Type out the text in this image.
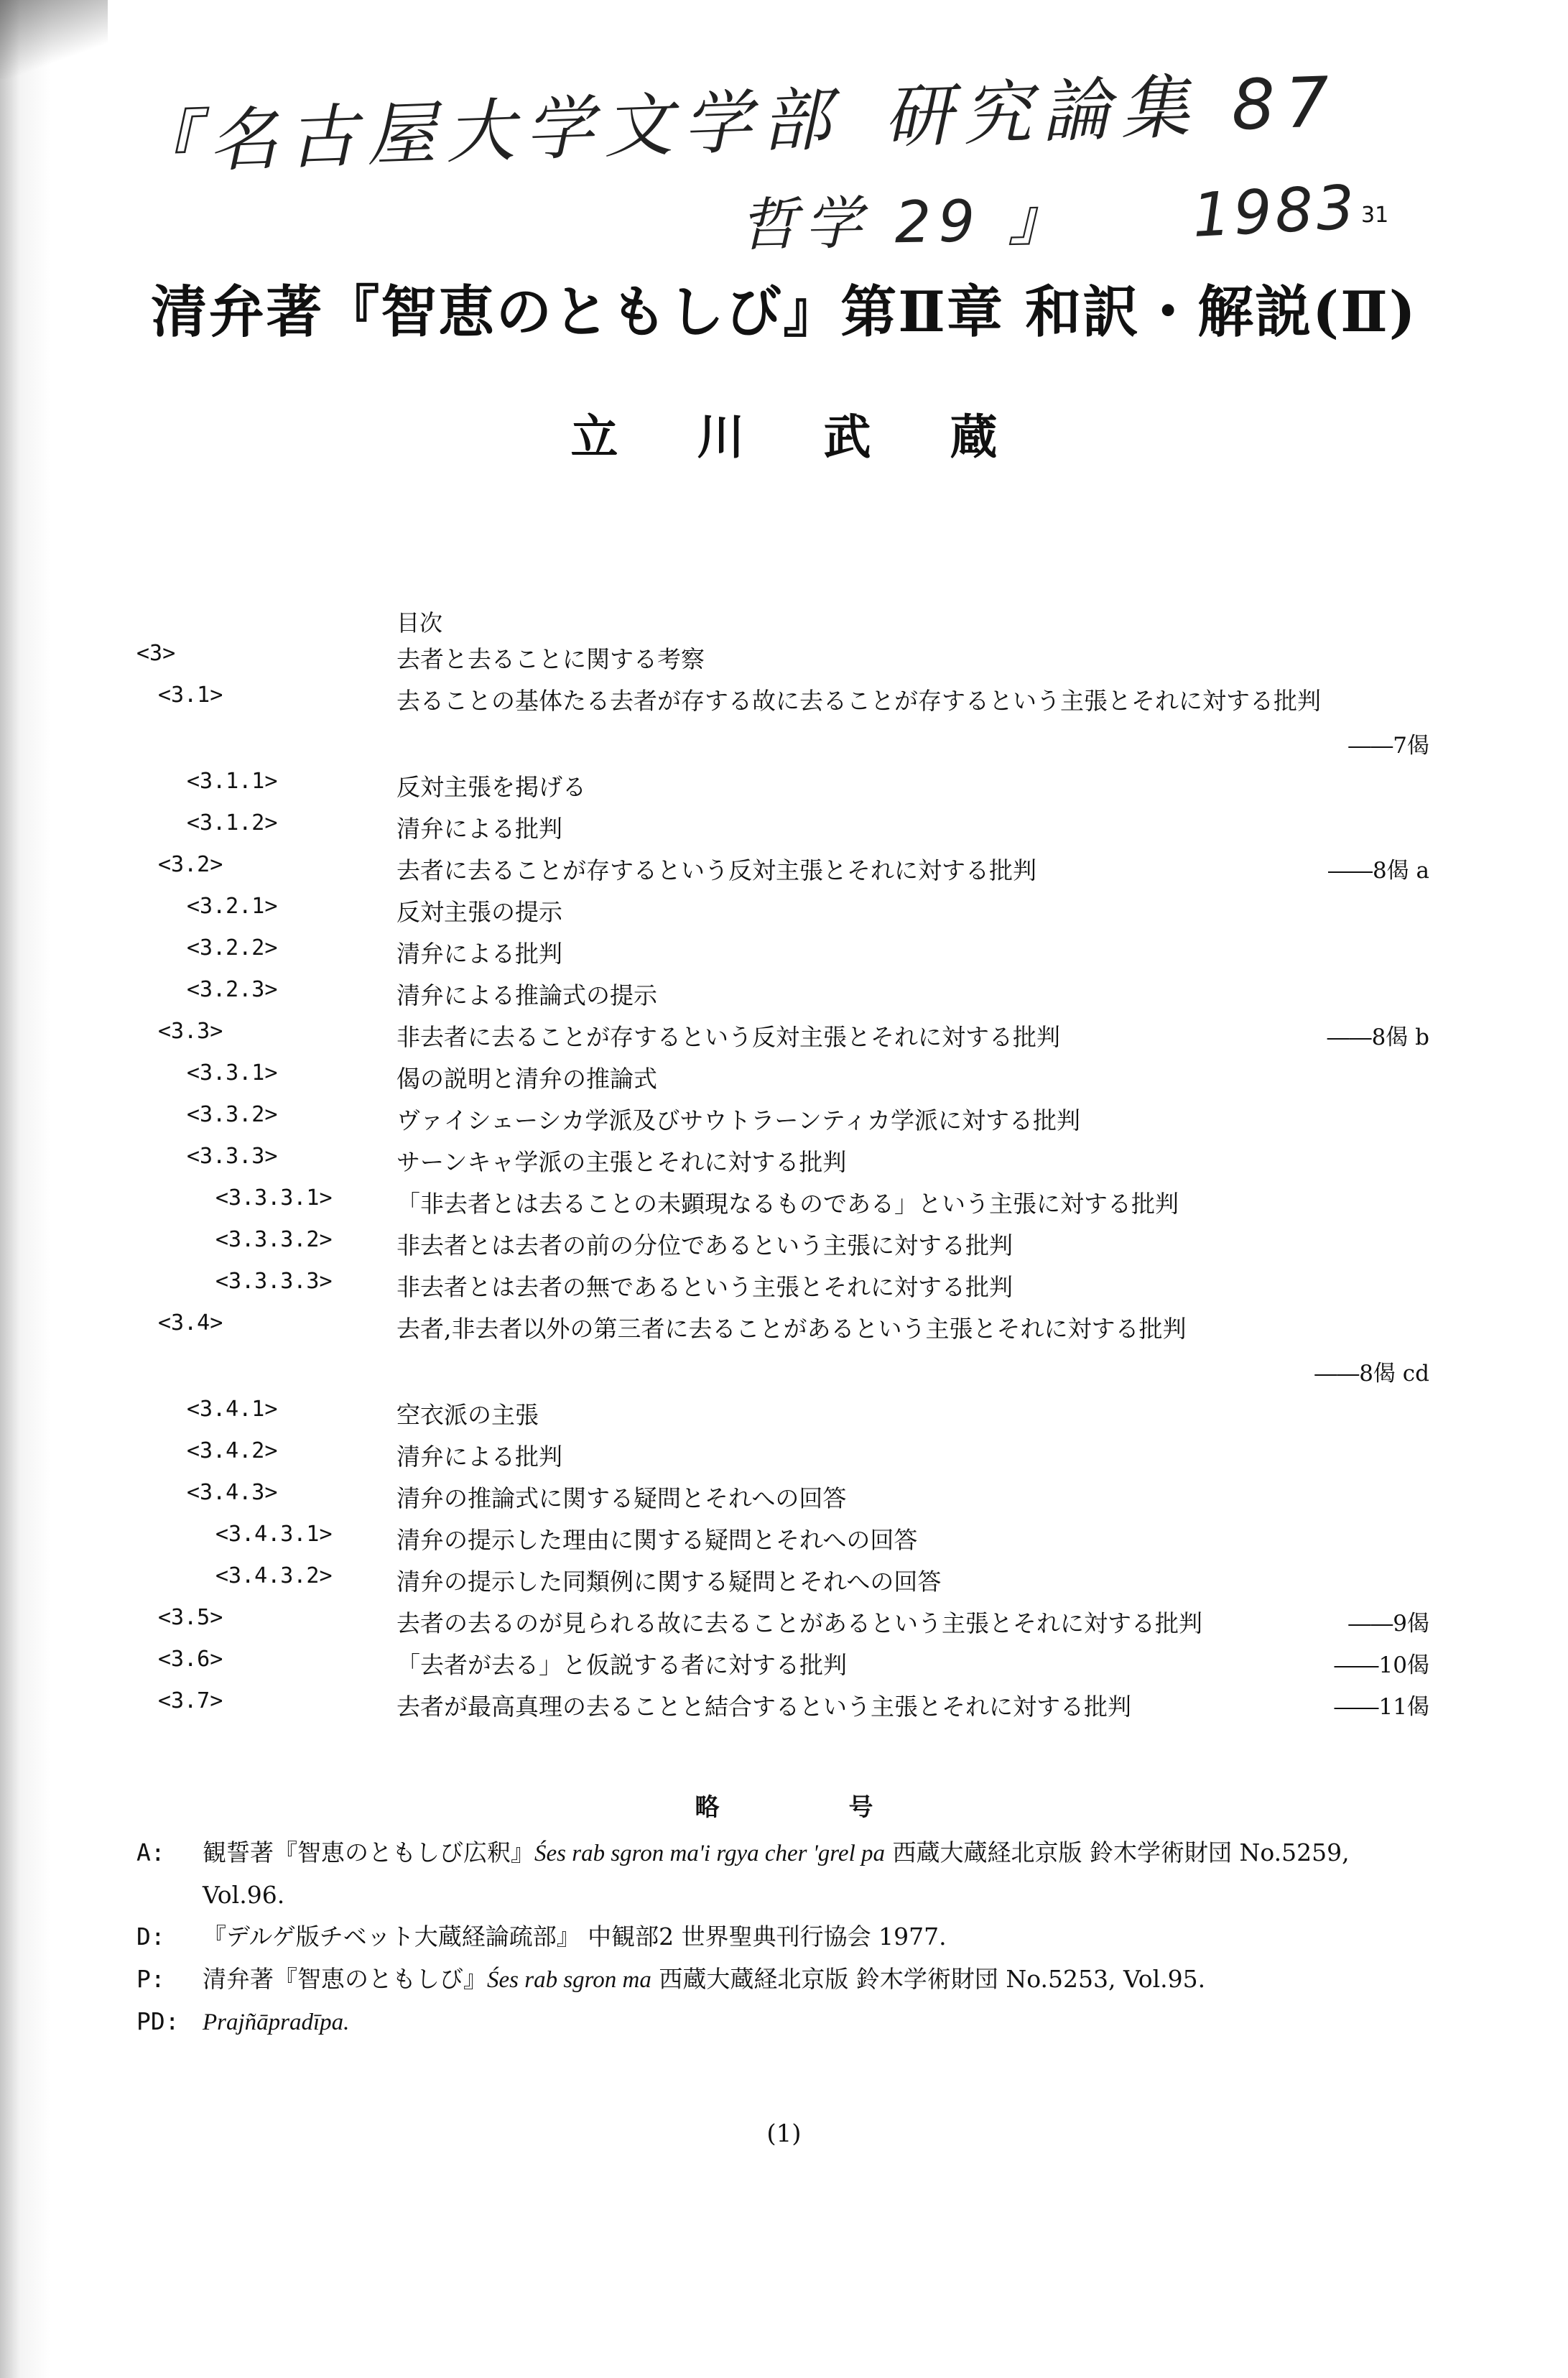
『名古屋大学文学部 研究論集 87
哲学 29 』 1983 31
清弁著『智恵のともしび』第Ⅱ章 和訳・解説(Ⅱ)
立川武蔵
目次
<3>	去者と去ることに関する考察
<3.1>	去ることの基体たる去者が存する故に去ることが存するという主張とそれに対する批判
――7偈
<3.1.1>	反対主張を掲げる
<3.1.2>	清弁による批判
<3.2>	去者に去ることが存するという反対主張とそれに対する批判	――8偈 a
<3.2.1>	反対主張の提示
<3.2.2>	清弁による批判
<3.2.3>	清弁による推論式の提示
<3.3>	非去者に去ることが存するという反対主張とそれに対する批判	――8偈 b
<3.3.1>	偈の説明と清弁の推論式
<3.3.2>	ヴァイシェーシカ学派及びサウトラーンティカ学派に対する批判
<3.3.3>	サーンキャ学派の主張とそれに対する批判
<3.3.3.1>	「非去者とは去ることの未顕現なるものである」という主張に対する批判
<3.3.3.2>	非去者とは去者の前の分位であるという主張に対する批判
<3.3.3.3>	非去者とは去者の無であるという主張とそれに対する批判
<3.4>	去者,非去者以外の第三者に去ることがあるという主張とそれに対する批判
――8偈 cd
<3.4.1>	空衣派の主張
<3.4.2>	清弁による批判
<3.4.3>	清弁の推論式に関する疑問とそれへの回答
<3.4.3.1>	清弁の提示した理由に関する疑問とそれへの回答
<3.4.3.2>	清弁の提示した同類例に関する疑問とそれへの回答
<3.5>	去者の去るのが見られる故に去ることがあるという主張とそれに対する批判	――9偈
<3.6>	「去者が去る」と仮説する者に対する批判	――10偈
<3.7>	去者が最高真理の去ることと結合するという主張とそれに対する批判	――11偈
略号
A: 観誓著『智恵のともしび広釈』Śes rab sgron ma'i rgya cher 'grel pa 西蔵大蔵経北京版 鈴木学術財団 No.5259, Vol.96.
D: 『デルゲ版チベット大蔵経論疏部』 中観部2 世界聖典刊行協会 1977.
P: 清弁著『智恵のともしび』Śes rab sgron ma 西蔵大蔵経北京版 鈴木学術財団 No.5253, Vol.95.
PD: Prajñāpradīpa.
(1)
